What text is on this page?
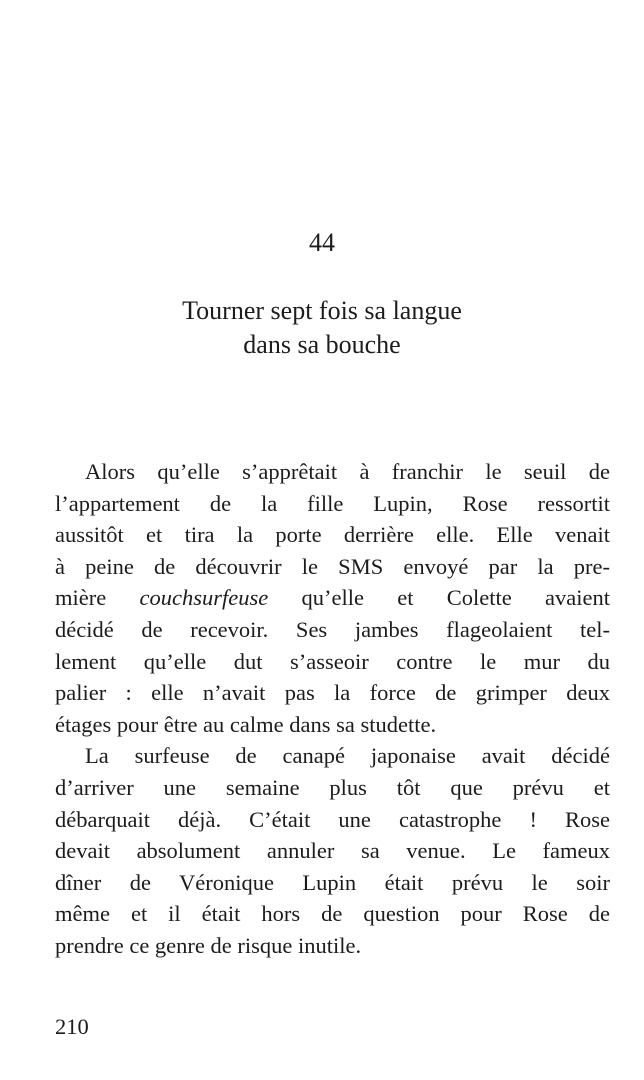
44
Tourner sept fois sa langue
dans sa bouche

Alors qu’elle s’apprêtait à franchir le seuil de
l’appartement de la fille Lupin, Rose ressortit
aussitôt et tira la porte derrière elle. Elle venait
à peine de découvrir le SMS envoyé par la pre-
mière couchsurfeuse qu’elle et Colette avaient
décidé de recevoir. Ses jambes flageolaient tel-
lement qu’elle dut s’asseoir contre le mur du
palier : elle n’avait pas la force de grimper deux
étages pour être au calme dans sa studette.

La surfeuse de canapé japonaise avait décidé
d’arriver une semaine plus tôt que prévu et
débarquait déjà. C’était une catastrophe ! Rose
devait absolument annuler sa venue. Le fameux
dîner de Véronique Lupin était prévu le soir
même et il était hors de question pour Rose de
prendre ce genre de risque inutile.

210
